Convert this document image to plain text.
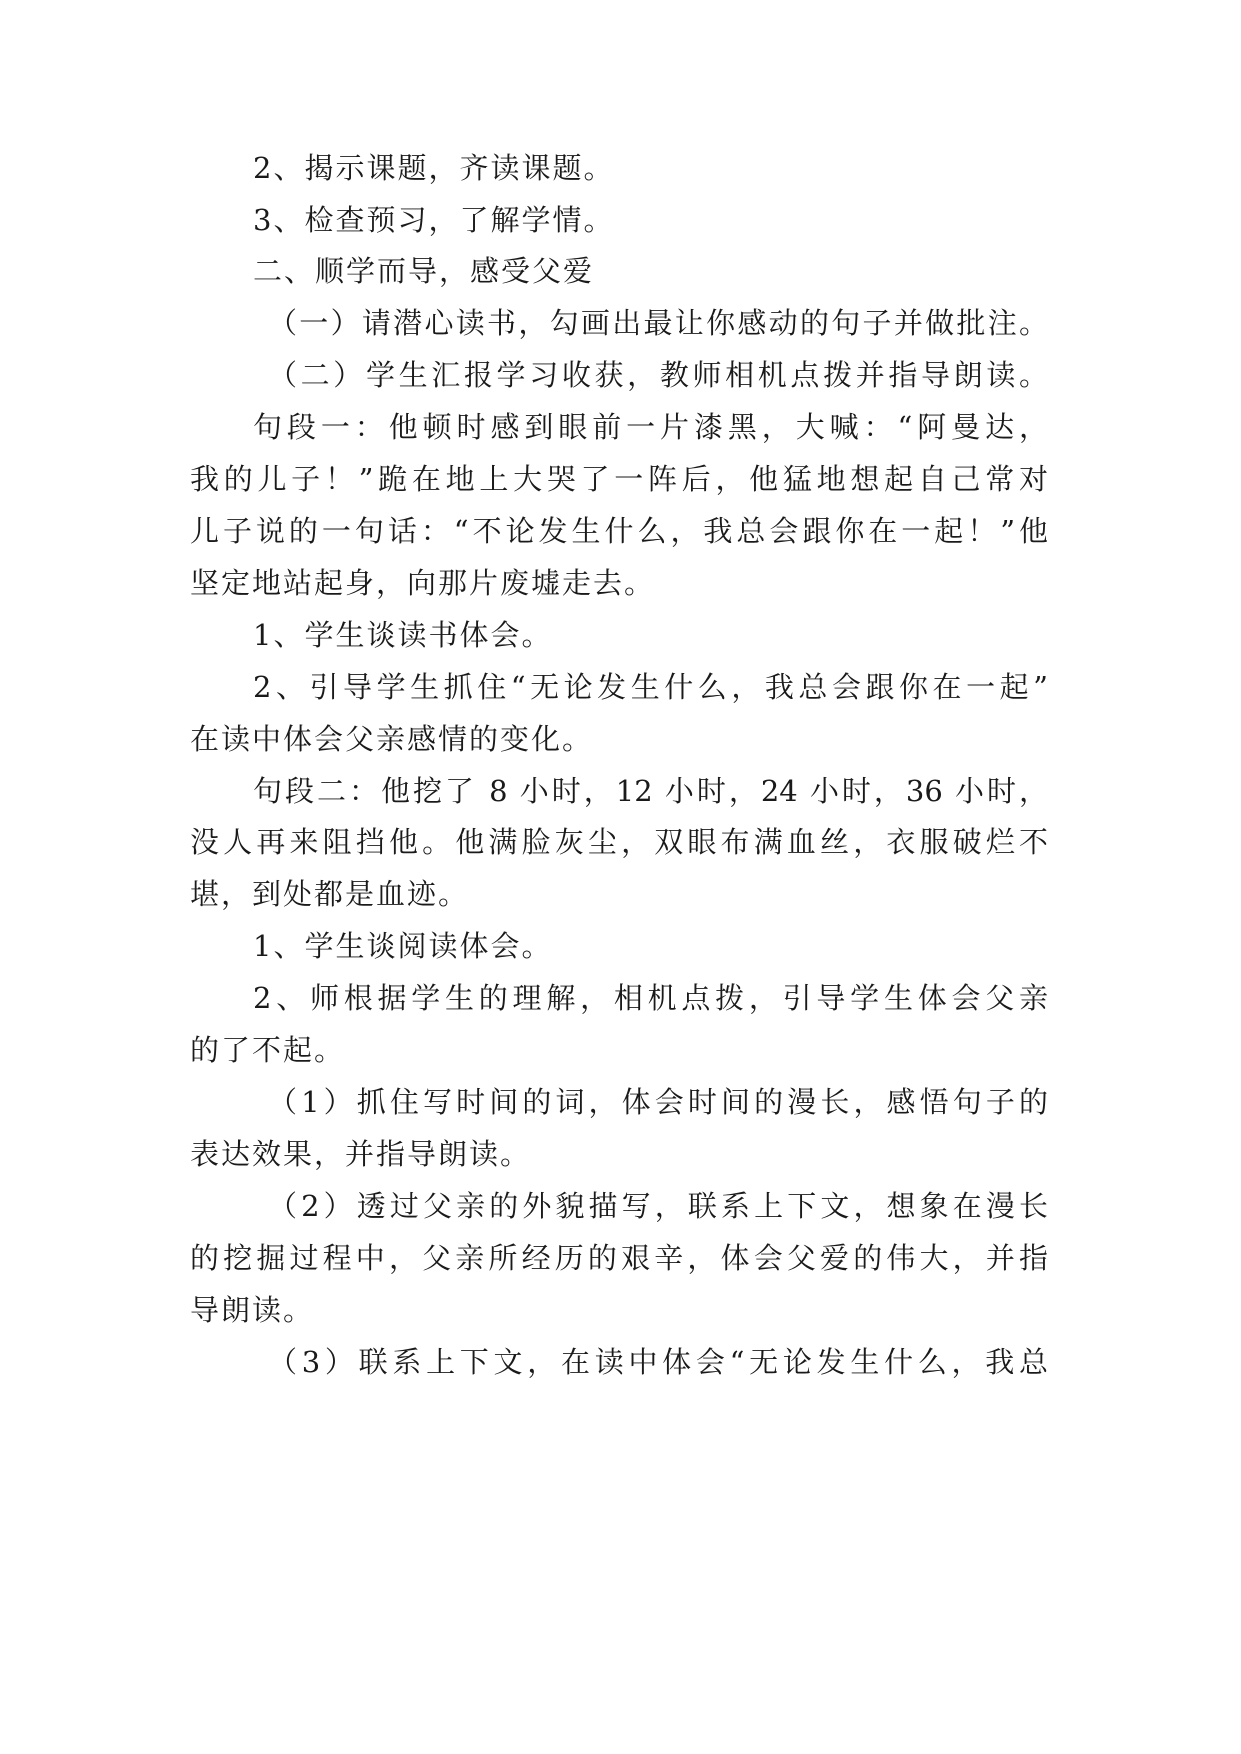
2、揭示课题，齐读课题。
3、检查预习，了解学情。
二、顺学而导，感受父爱
（一）请潜心读书，勾画出最让你感动的句子并做批注。
（二）学生汇报学习收获，教师相机点拨并指导朗读。
句段一：他顿时感到眼前一片漆黑，大喊：“阿曼达，
我的儿子！”跪在地上大哭了一阵后，他猛地想起自己常对
儿子说的一句话：“不论发生什么，我总会跟你在一起！”他
坚定地站起身，向那片废墟走去。
1、学生谈读书体会。
2、引导学生抓住“无论发生什么，我总会跟你在一起”
在读中体会父亲感情的变化。
句段二：他挖了 8 小时，12 小时，24 小时，36 小时，
没人再来阻挡他。他满脸灰尘，双眼布满血丝，衣服破烂不
堪，到处都是血迹。
1、学生谈阅读体会。
2、师根据学生的理解，相机点拨，引导学生体会父亲
的了不起。
（1）抓住写时间的词，体会时间的漫长，感悟句子的
表达效果，并指导朗读。
（2）透过父亲的外貌描写，联系上下文，想象在漫长
的挖掘过程中，父亲所经历的艰辛，体会父爱的伟大，并指
导朗读。
（3）联系上下文，在读中体会“无论发生什么，我总
